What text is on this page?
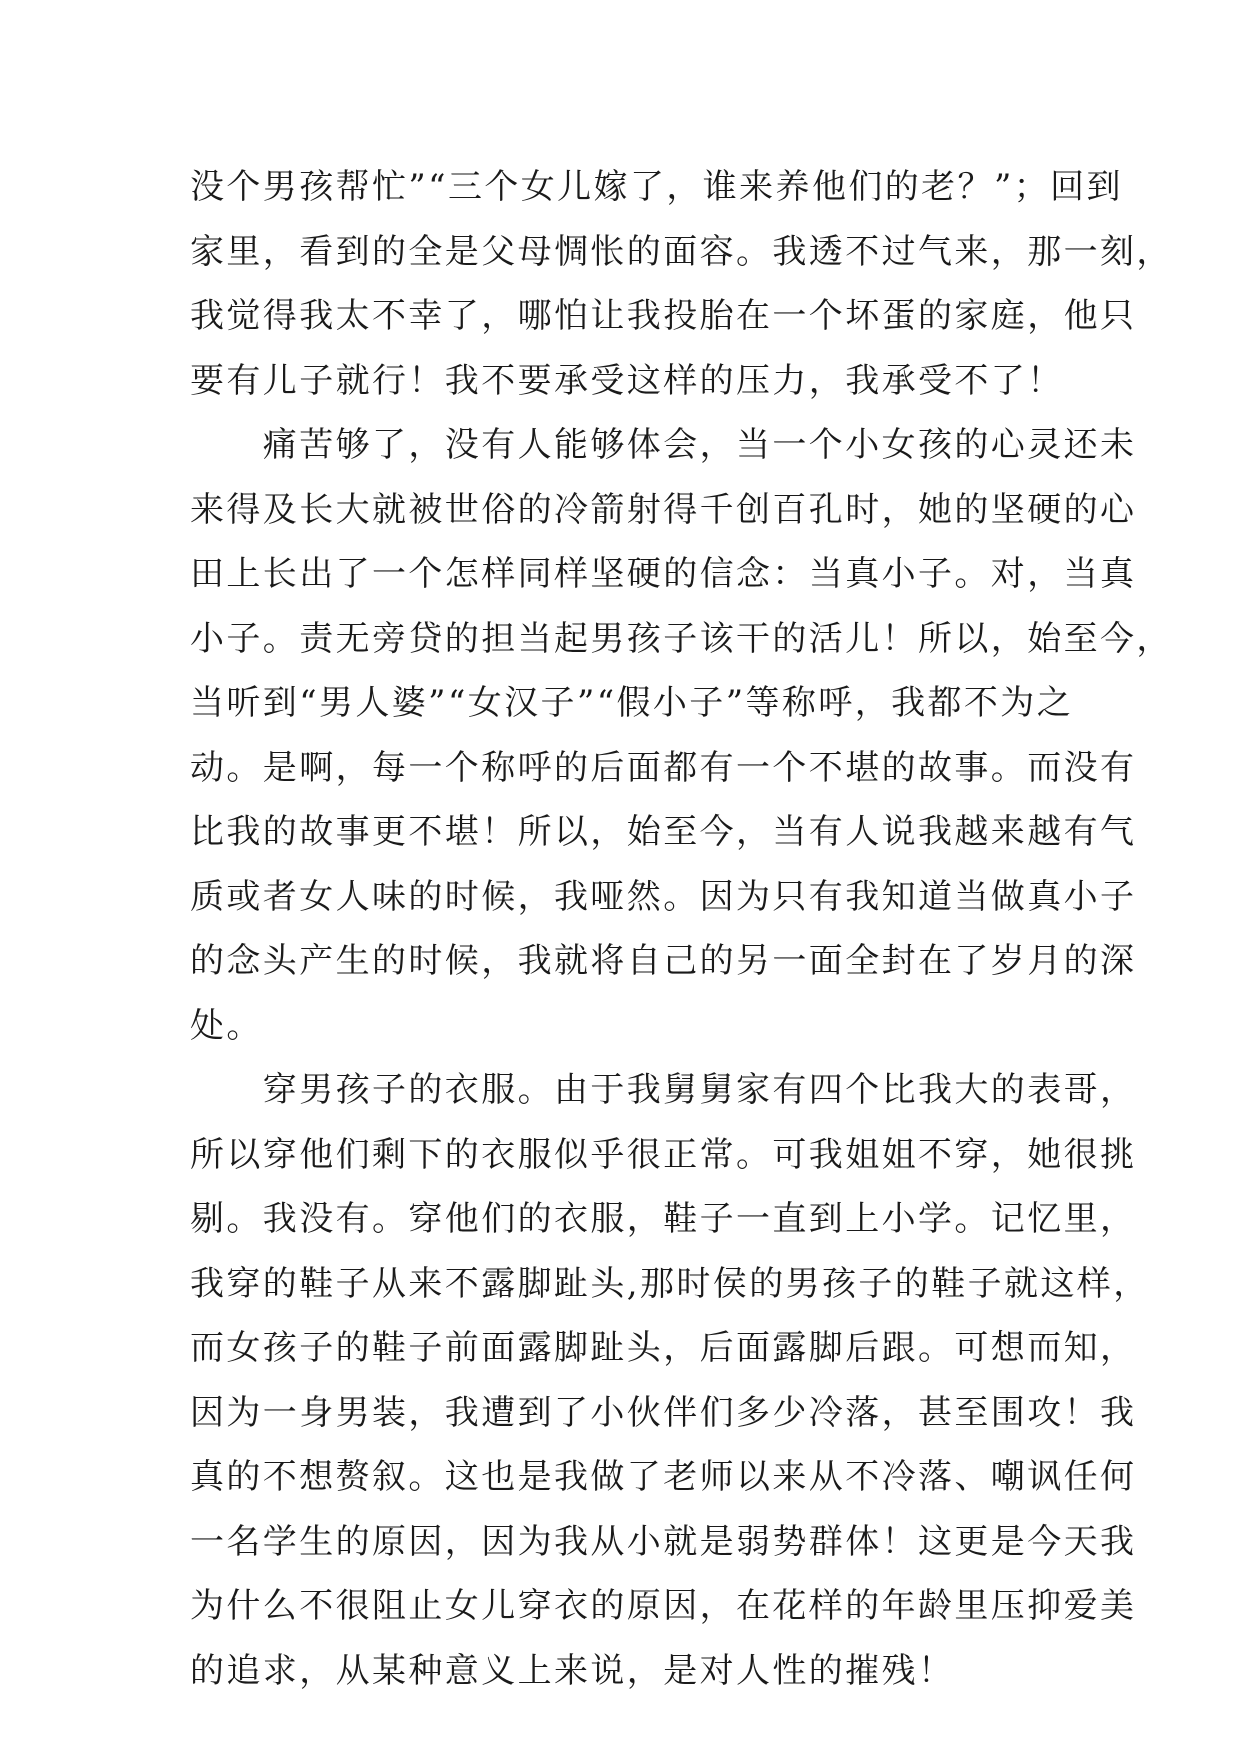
没个男孩帮忙”“三个女儿嫁了，谁来养他们的老？”；回到
家里，看到的全是父母惆怅的面容。我透不过气来，那一刻，
我觉得我太不幸了，哪怕让我投胎在一个坏蛋的家庭，他只
要有儿子就行！我不要承受这样的压力，我承受不了！
　　痛苦够了，没有人能够体会，当一个小女孩的心灵还未
来得及长大就被世俗的冷箭射得千创百孔时，她的坚硬的心
田上长出了一个怎样同样坚硬的信念：当真小子。对，当真
小子。责无旁贷的担当起男孩子该干的活儿！所以，始至今，
当听到“男人婆”“女汉子”“假小子”等称呼，我都不为之
动。是啊，每一个称呼的后面都有一个不堪的故事。而没有
比我的故事更不堪！所以，始至今，当有人说我越来越有气
质或者女人味的时候，我哑然。因为只有我知道当做真小子
的念头产生的时候，我就将自己的另一面全封在了岁月的深
处。
　　穿男孩子的衣服。由于我舅舅家有四个比我大的表哥，
所以穿他们剩下的衣服似乎很正常。可我姐姐不穿，她很挑
剔。我没有。穿他们的衣服，鞋子一直到上小学。记忆里，
我穿的鞋子从来不露脚趾头,那时侯的男孩子的鞋子就这样，
而女孩子的鞋子前面露脚趾头，后面露脚后跟。可想而知，
因为一身男装，我遭到了小伙伴们多少冷落，甚至围攻！我
真的不想赘叙。这也是我做了老师以来从不冷落、嘲讽任何
一名学生的原因，因为我从小就是弱势群体！这更是今天我
为什么不很阻止女儿穿衣的原因，在花样的年龄里压抑爱美
的追求，从某种意义上来说，是对人性的摧残！
